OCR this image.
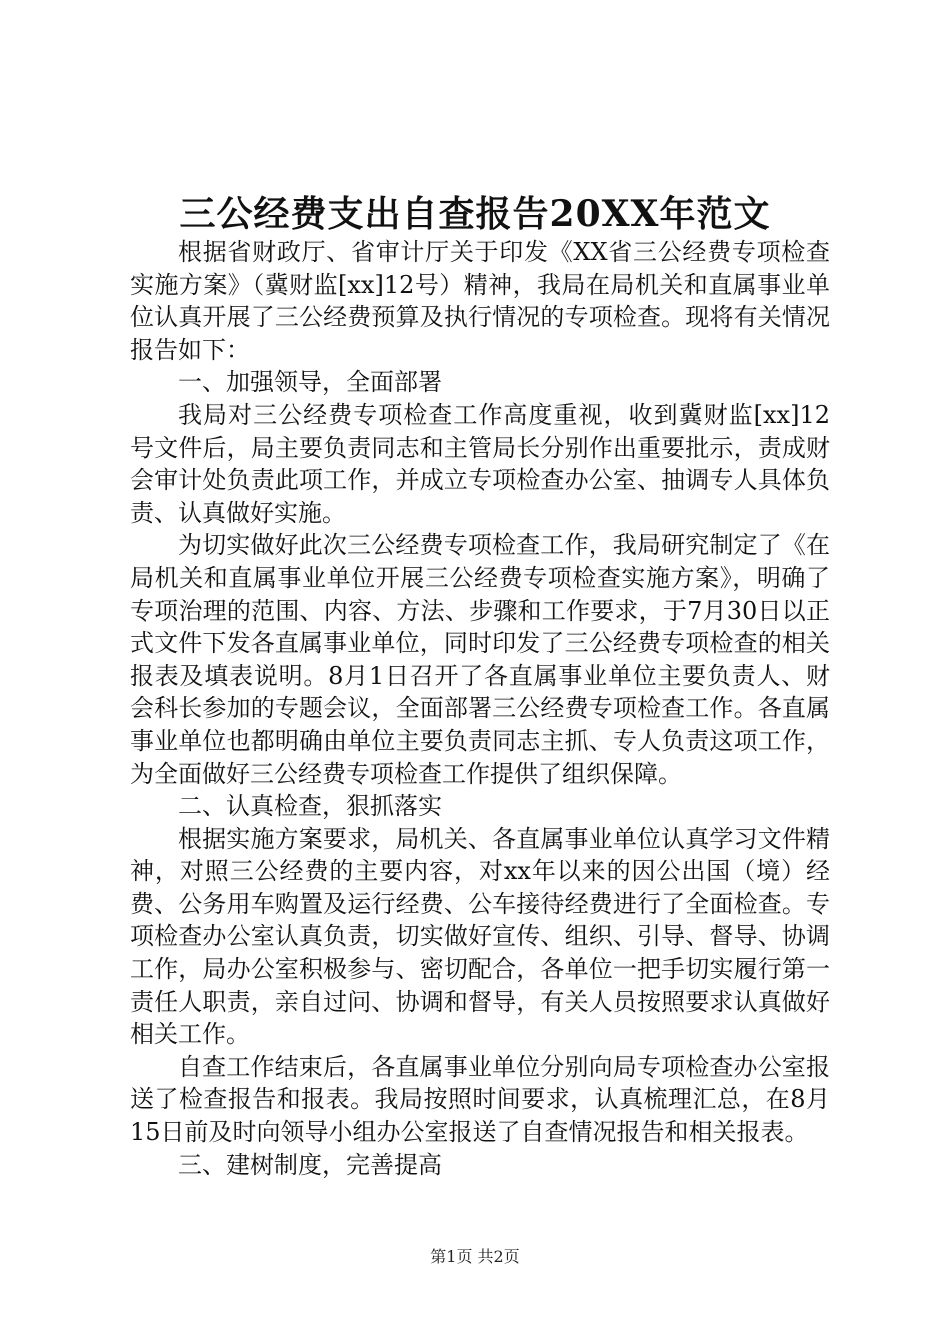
三公经费支出自查报告20XX年范文

根据省财政厅、省审计厅关于印发《XX省三公经费专项检查实施方案》（冀财监[xx]12号）精神，我局在局机关和直属事业单位认真开展了三公经费预算及执行情况的专项检查。现将有关情况报告如下：

一、加强领导，全面部署

我局对三公经费专项检查工作高度重视，收到冀财监[xx]12号文件后，局主要负责同志和主管局长分别作出重要批示，责成财会审计处负责此项工作，并成立专项检查办公室、抽调专人具体负责、认真做好实施。

为切实做好此次三公经费专项检查工作，我局研究制定了《在局机关和直属事业单位开展三公经费专项检查实施方案》，明确了专项治理的范围、内容、方法、步骤和工作要求，于7月30日以正式文件下发各直属事业单位，同时印发了三公经费专项检查的相关报表及填表说明。8月1日召开了各直属事业单位主要负责人、财会科长参加的专题会议，全面部署三公经费专项检查工作。各直属事业单位也都明确由单位主要负责同志主抓、专人负责这项工作，为全面做好三公经费专项检查工作提供了组织保障。

二、认真检查，狠抓落实

根据实施方案要求，局机关、各直属事业单位认真学习文件精神，对照三公经费的主要内容，对xx年以来的因公出国（境）经费、公务用车购置及运行经费、公车接待经费进行了全面检查。专项检查办公室认真负责，切实做好宣传、组织、引导、督导、协调工作，局办公室积极参与、密切配合，各单位一把手切实履行第一责任人职责，亲自过问、协调和督导，有关人员按照要求认真做好相关工作。

自查工作结束后，各直属事业单位分别向局专项检查办公室报送了检查报告和报表。我局按照时间要求，认真梳理汇总，在8月15日前及时向领导小组办公室报送了自查情况报告和相关报表。

三、建树制度，完善提高
第1页 共2页
